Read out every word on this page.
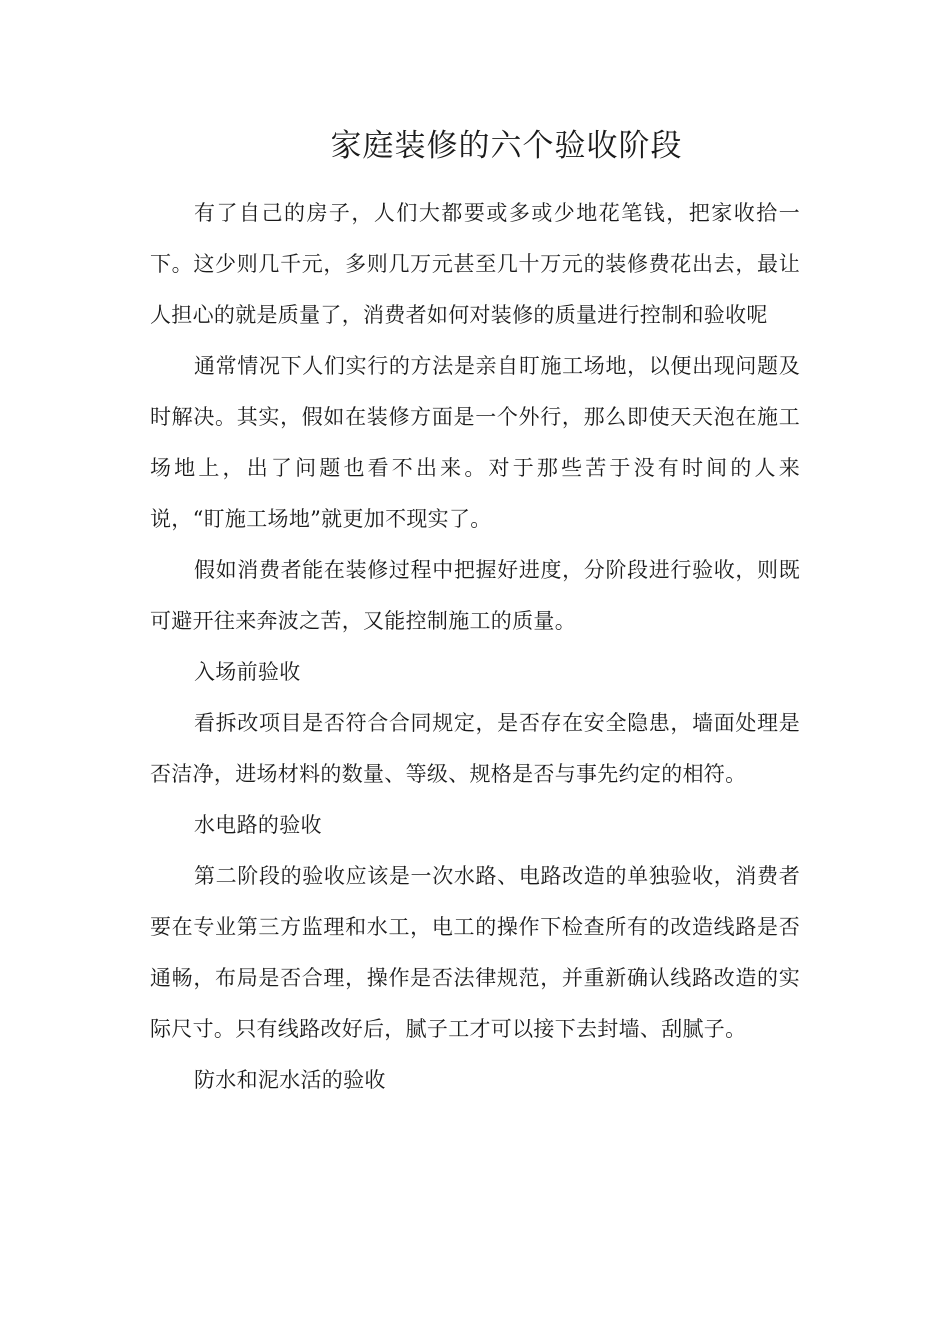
家庭装修的六个验收阶段

有了自己的房子，人们大都要或多或少地花笔钱，把家收拾一下。这少则几千元，多则几万元甚至几十万元的装修费花出去，最让人担心的就是质量了，消费者如何对装修的质量进行控制和验收呢

通常情况下人们实行的方法是亲自盯施工场地，以便出现问题及时解决。其实，假如在装修方面是一个外行，那么即使天天泡在施工场地上，出了问题也看不出来。对于那些苦于没有时间的人来说，“盯施工场地”就更加不现实了。

假如消费者能在装修过程中把握好进度，分阶段进行验收，则既可避开往来奔波之苦，又能控制施工的质量。

入场前验收

看拆改项目是否符合合同规定，是否存在安全隐患，墙面处理是否洁净，进场材料的数量、等级、规格是否与事先约定的相符。

水电路的验收

第二阶段的验收应该是一次水路、电路改造的单独验收，消费者要在专业第三方监理和水工，电工的操作下检查所有的改造线路是否通畅，布局是否合理，操作是否法律规范，并重新确认线路改造的实际尺寸。只有线路改好后，腻子工才可以接下去封墙、刮腻子。

防水和泥水活的验收
